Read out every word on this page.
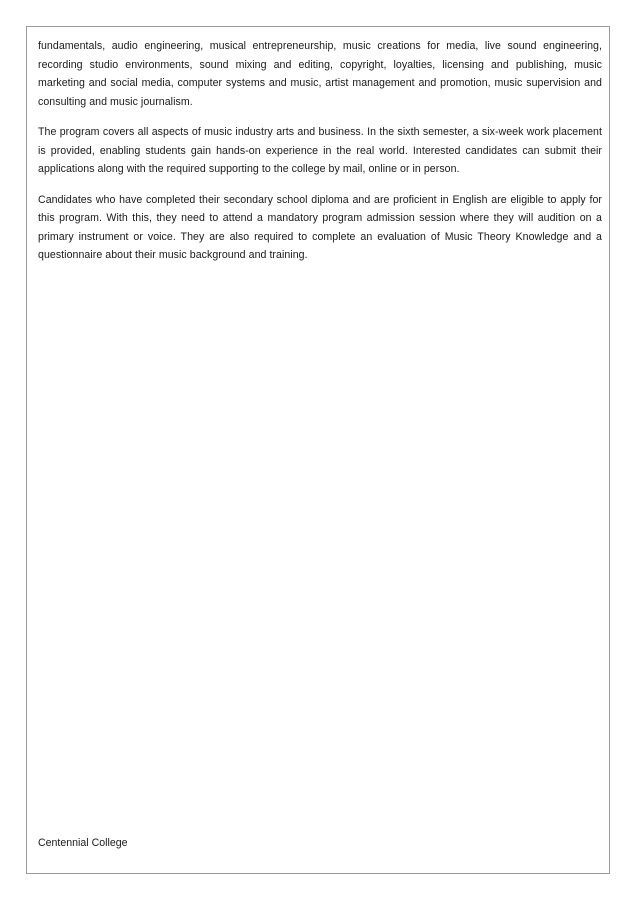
fundamentals, audio engineering, musical entrepreneurship, music creations for media, live sound engineering, recording studio environments, sound mixing and editing, copyright, loyalties, licensing and publishing, music marketing and social media, computer systems and music, artist management and promotion, music supervision and consulting and music journalism.

The program covers all aspects of music industry arts and business. In the sixth semester, a six-week work placement is provided, enabling students gain hands-on experience in the real world. Interested candidates can submit their applications along with the required supporting to the college by mail, online or in person.

Candidates who have completed their secondary school diploma and are proficient in English are eligible to apply for this program. With this, they need to attend a mandatory program admission session where they will audition on a primary instrument or voice. They are also required to complete an evaluation of Music Theory Knowledge and a questionnaire about their music background and training.

Centennial College
